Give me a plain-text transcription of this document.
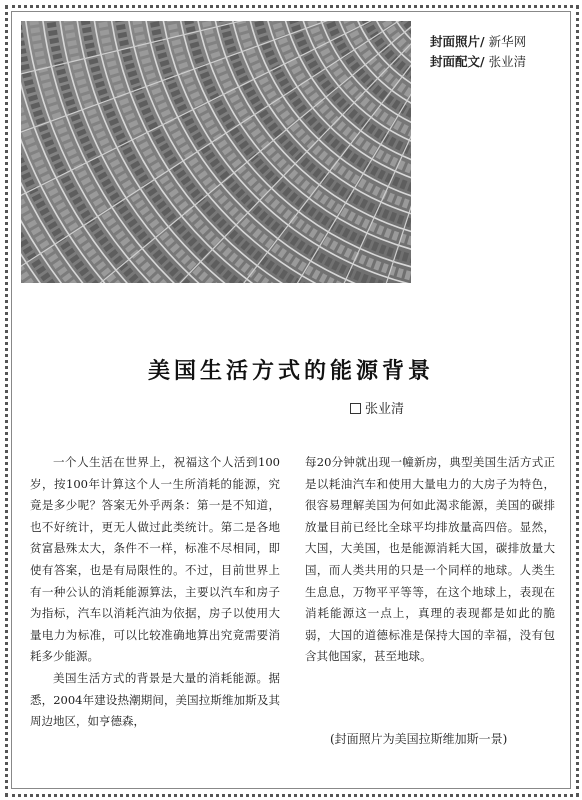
封面照片/ 新华网
封面配文/ 张业清
美国生活方式的能源背景
张业清

一个人生活在世界上，祝福这个人活到100岁，按100年计算这个人一生所消耗的能源，究竟是多少呢？答案无外乎两条：第一是不知道，也不好统计，更无人做过此类统计。第二是各地贫富悬殊太大，条件不一样，标准不尽相同，即使有答案，也是有局限性的。不过，目前世界上有一种公认的消耗能源算法，主要以汽车和房子为指标，汽车以消耗汽油为依据，房子以使用大量电力为标准，可以比较准确地算出究竟需要消耗多少能源。

美国生活方式的背景是大量的消耗能源。据悉，2004年建设热潮期间，美国拉斯维加斯及其周边地区，如亨德森，

每20分钟就出现一幢新房，典型美国生活方式正是以耗油汽车和使用大量电力的大房子为特色，很容易理解美国为何如此渴求能源，美国的碳排放量目前已经比全球平均排放量高四倍。显然，大国，大美国，也是能源消耗大国，碳排放量大国，而人类共用的只是一个同样的地球。人类生生息息，万物平平等等，在这个地球上，表现在消耗能源这一点上，真理的表现都是如此的脆弱，大国的道德标准是保持大国的幸福，没有包含其他国家，甚至地球。

(封面照片为美国拉斯维加斯一景)
